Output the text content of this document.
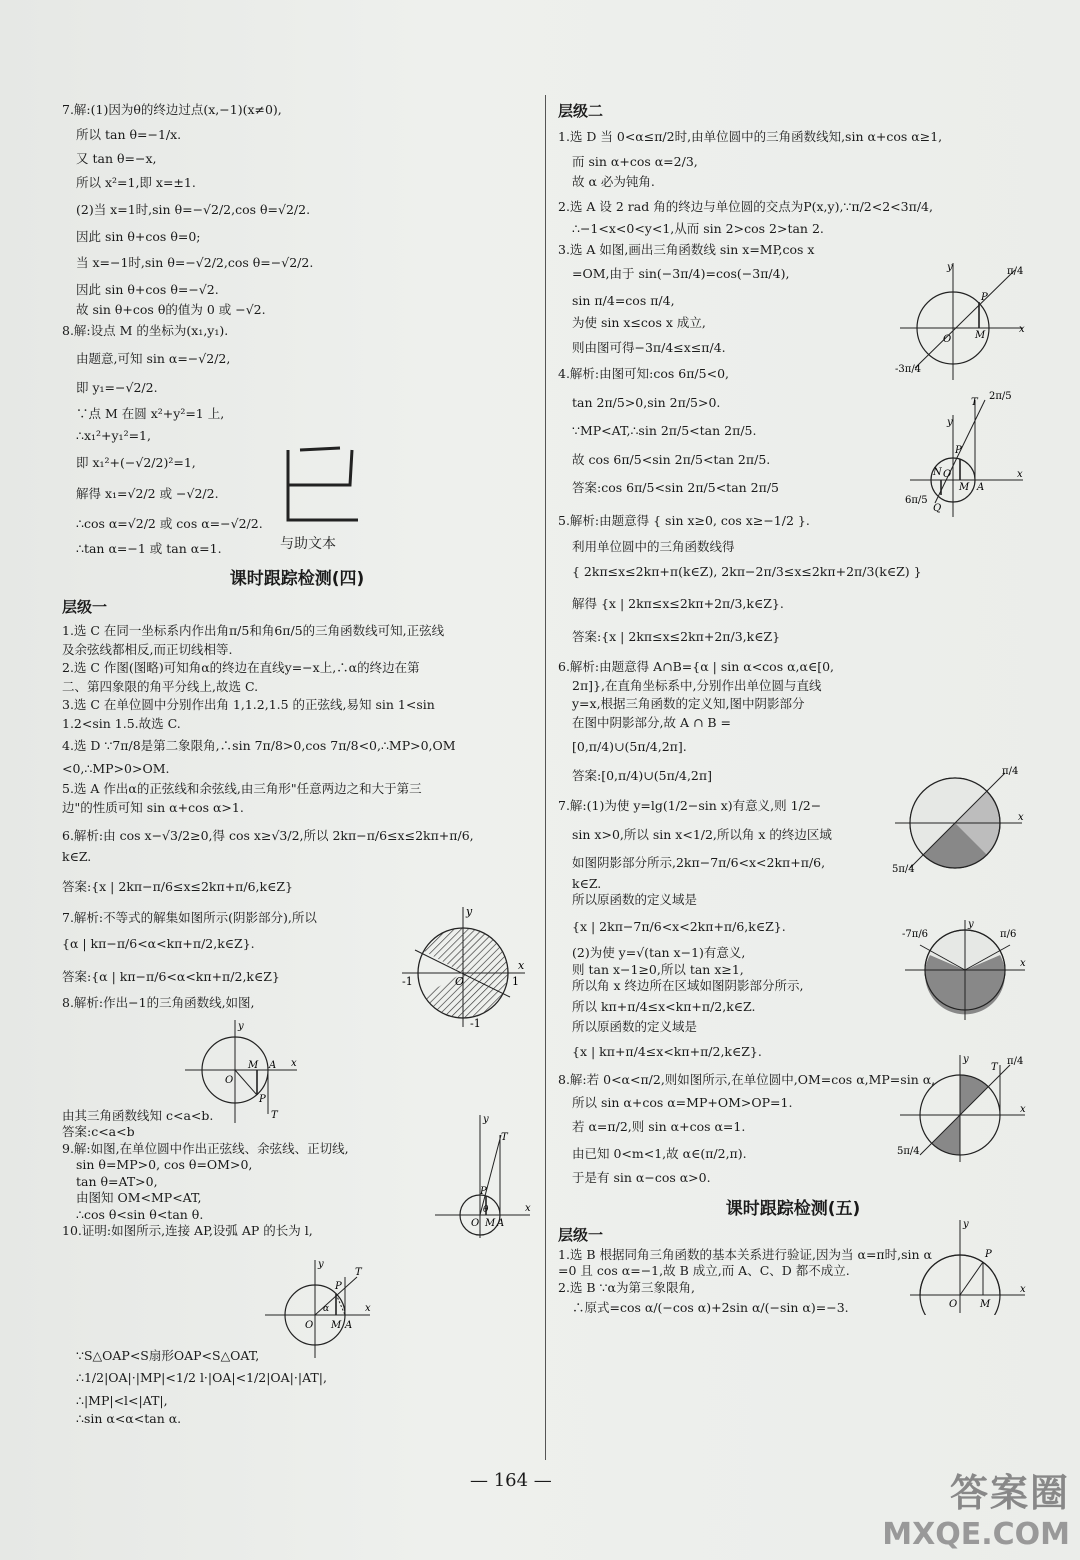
7.解:(1)因为θ的终边过点(x,−1)(x≠0),

所以 tan θ=−1/x.

又 tan θ=−x,

所以 x²=1,即 x=±1.

(2)当 x=1时,sin θ=−√2/2,cos θ=√2/2.

因此 sin θ+cos θ=0;

当 x=−1时,sin θ=−√2/2,cos θ=−√2/2.

因此 sin θ+cos θ=−√2.

故 sin θ+cos θ的值为 0 或 −√2.

8.解:设点 M 的坐标为(x₁,y₁).

由题意,可知 sin α=−√2/2,

即 y₁=−√2/2.

∵点 M 在圆 x²+y²=1 上,

∴x₁²+y₁²=1,

即 x₁²+(−√2/2)²=1,

解得 x₁=√2/2 或 −√2/2.

∴cos α=√2/2 或 cos α=−√2/2.

∴tan α=−1 或 tan α=1.

课时跟踪检测(四)
层级一

1.选 C 在同一坐标系内作出角π/5和角6π/5的三角函数线可知,正弦线

及余弦线都相反,而正切线相等.

2.选 C 作图(图略)可知角α的终边在直线y=−x上,∴α的终边在第

二、第四象限的角平分线上,故选 C.

3.选 C 在单位圆中分别作出角 1,1.2,1.5 的正弦线,易知 sin 1<sin

1.2<sin 1.5.故选 C.

4.选 D ∵7π/8是第二象限角,∴sin 7π/8>0,cos 7π/8<0,∴MP>0,OM

<0,∴MP>0>OM.

5.选 A 作出α的正弦线和余弦线,由三角形"任意两边之和大于第三

边"的性质可知 sin α+cos α>1.

6.解析:由 cos x−√3/2≥0,得 cos x≥√3/2,所以 2kπ−π/6≤x≤2kπ+π/6,

k∈Z.

答案:{x | 2kπ−π/6≤x≤2kπ+π/6,k∈Z}

7.解析:不等式的解集如图所示(阴影部分),所以

{α | kπ−π/6<α<kπ+π/2,k∈Z}.

答案:{α | kπ−π/6<α<kπ+π/2,k∈Z}

8.解析:作出−1的三角函数线,如图,

由其三角函数线知 c<a<b.

答案:c<a<b

9.解:如图,在单位圆中作出正弦线、余弦线、正切线,

sin θ=MP>0, cos θ=OM>0,

tan θ=AT>0,

由图知 OM<MP<AT,

∴cos θ<sin θ<tan θ.

10.证明:如图所示,连接 AP,设弧 AP 的长为 l,

∵S△OAP<S扇形OAP<S△OAT,

∴1/2|OA|·|MP|<1/2 l·|OA|<1/2|OA|·|AT|,

∴|MP|<l<|AT|,

∴sin α<α<tan α.

与助文本
层级二

1.选 D 当 0<α≤π/2时,由单位圆中的三角函数线知,sin α+cos α≥1,

而 sin α+cos α=2/3,

故 α 必为钝角.

2.选 A 设 2 rad 角的终边与单位圆的交点为P(x,y),∵π/2<2<3π/4,

∴−1<x<0<y<1,从而 sin 2>cos 2>tan 2.

3.选 A 如图,画出三角函数线 sin x=MP,cos x

=OM,由于 sin(−3π/4)=cos(−3π/4),

sin π/4=cos π/4,

为使 sin x≤cos x 成立,

则由图可得−3π/4≤x≤π/4.

4.解析:由图可知:cos 6π/5<0,

tan 2π/5>0,sin 2π/5>0.

∵MP<AT,∴sin 2π/5<tan 2π/5.

故 cos 6π/5<sin 2π/5<tan 2π/5.

答案:cos 6π/5<sin 2π/5<tan 2π/5

5.解析:由题意得 { sin x≥0, cos x≥−1/2 }.

利用单位圆中的三角函数线得

{ 2kπ≤x≤2kπ+π(k∈Z), 2kπ−2π/3≤x≤2kπ+2π/3(k∈Z) }

解得 {x | 2kπ≤x≤2kπ+2π/3,k∈Z}.

答案:{x | 2kπ≤x≤2kπ+2π/3,k∈Z}

6.解析:由题意得 A∩B={α | sin α<cos α,α∈[0,

2π]},在直角坐标系中,分别作出单位圆与直线

y=x,根据三角函数的定义知,图中阴影部分

在图中阴影部分,故 A ∩ B =

[0,π/4)∪(5π/4,2π].

答案:[0,π/4)∪(5π/4,2π]

7.解:(1)为使 y=lg(1/2−sin x)有意义,则 1/2−

sin x>0,所以 sin x<1/2,所以角 x 的终边区域

如图阴影部分所示,2kπ−7π/6<x<2kπ+π/6,

k∈Z.

所以原函数的定义域是

{x | 2kπ−7π/6<x<2kπ+π/6,k∈Z}.

(2)为使 y=√(tan x−1)有意义,

则 tan x−1≥0,所以 tan x≥1,

所以角 x 终边所在区域如图阴影部分所示,

所以 kπ+π/4≤x<kπ+π/2,k∈Z.

所以原函数的定义域是

{x | kπ+π/4≤x<kπ+π/2,k∈Z}.

8.解:若 0<α<π/2,则如图所示,在单位圆中,OM=cos α,MP=sin α,

所以 sin α+cos α=MP+OM>OP=1.

若 α=π/2,则 sin α+cos α=1.

由已知 0<m<1,故 α∈(π/2,π).

于是有 sin α−cos α>0.

课时跟踪检测(五)
层级一

1.选 B 根据同角三角函数的基本关系进行验证,因为当 α=π时,sin α

=0 且 cos α=−1,故 B 成立,而 A、C、D 都不成立.

2.选 B ∵α为第三象限角,

∴原式=cos α/(−cos α)+2sin α/(−sin α)=−3.

-1	1
-1
O
x
y
O
M A
P
T
x
y
O M A
P
T
θ	x
y
O M A
P
T
α	x
y
O M
P
π/4
-3π/4
x
y
O
N
M A
P
Q
T
2π/5
6π/5
x
y
π/4
5π/4
x
-7π/6	π/6
x
y
T
π/4
5π/4
x
y
O M
P
x
y
— 164 —	答案圈
MXQE.COM
